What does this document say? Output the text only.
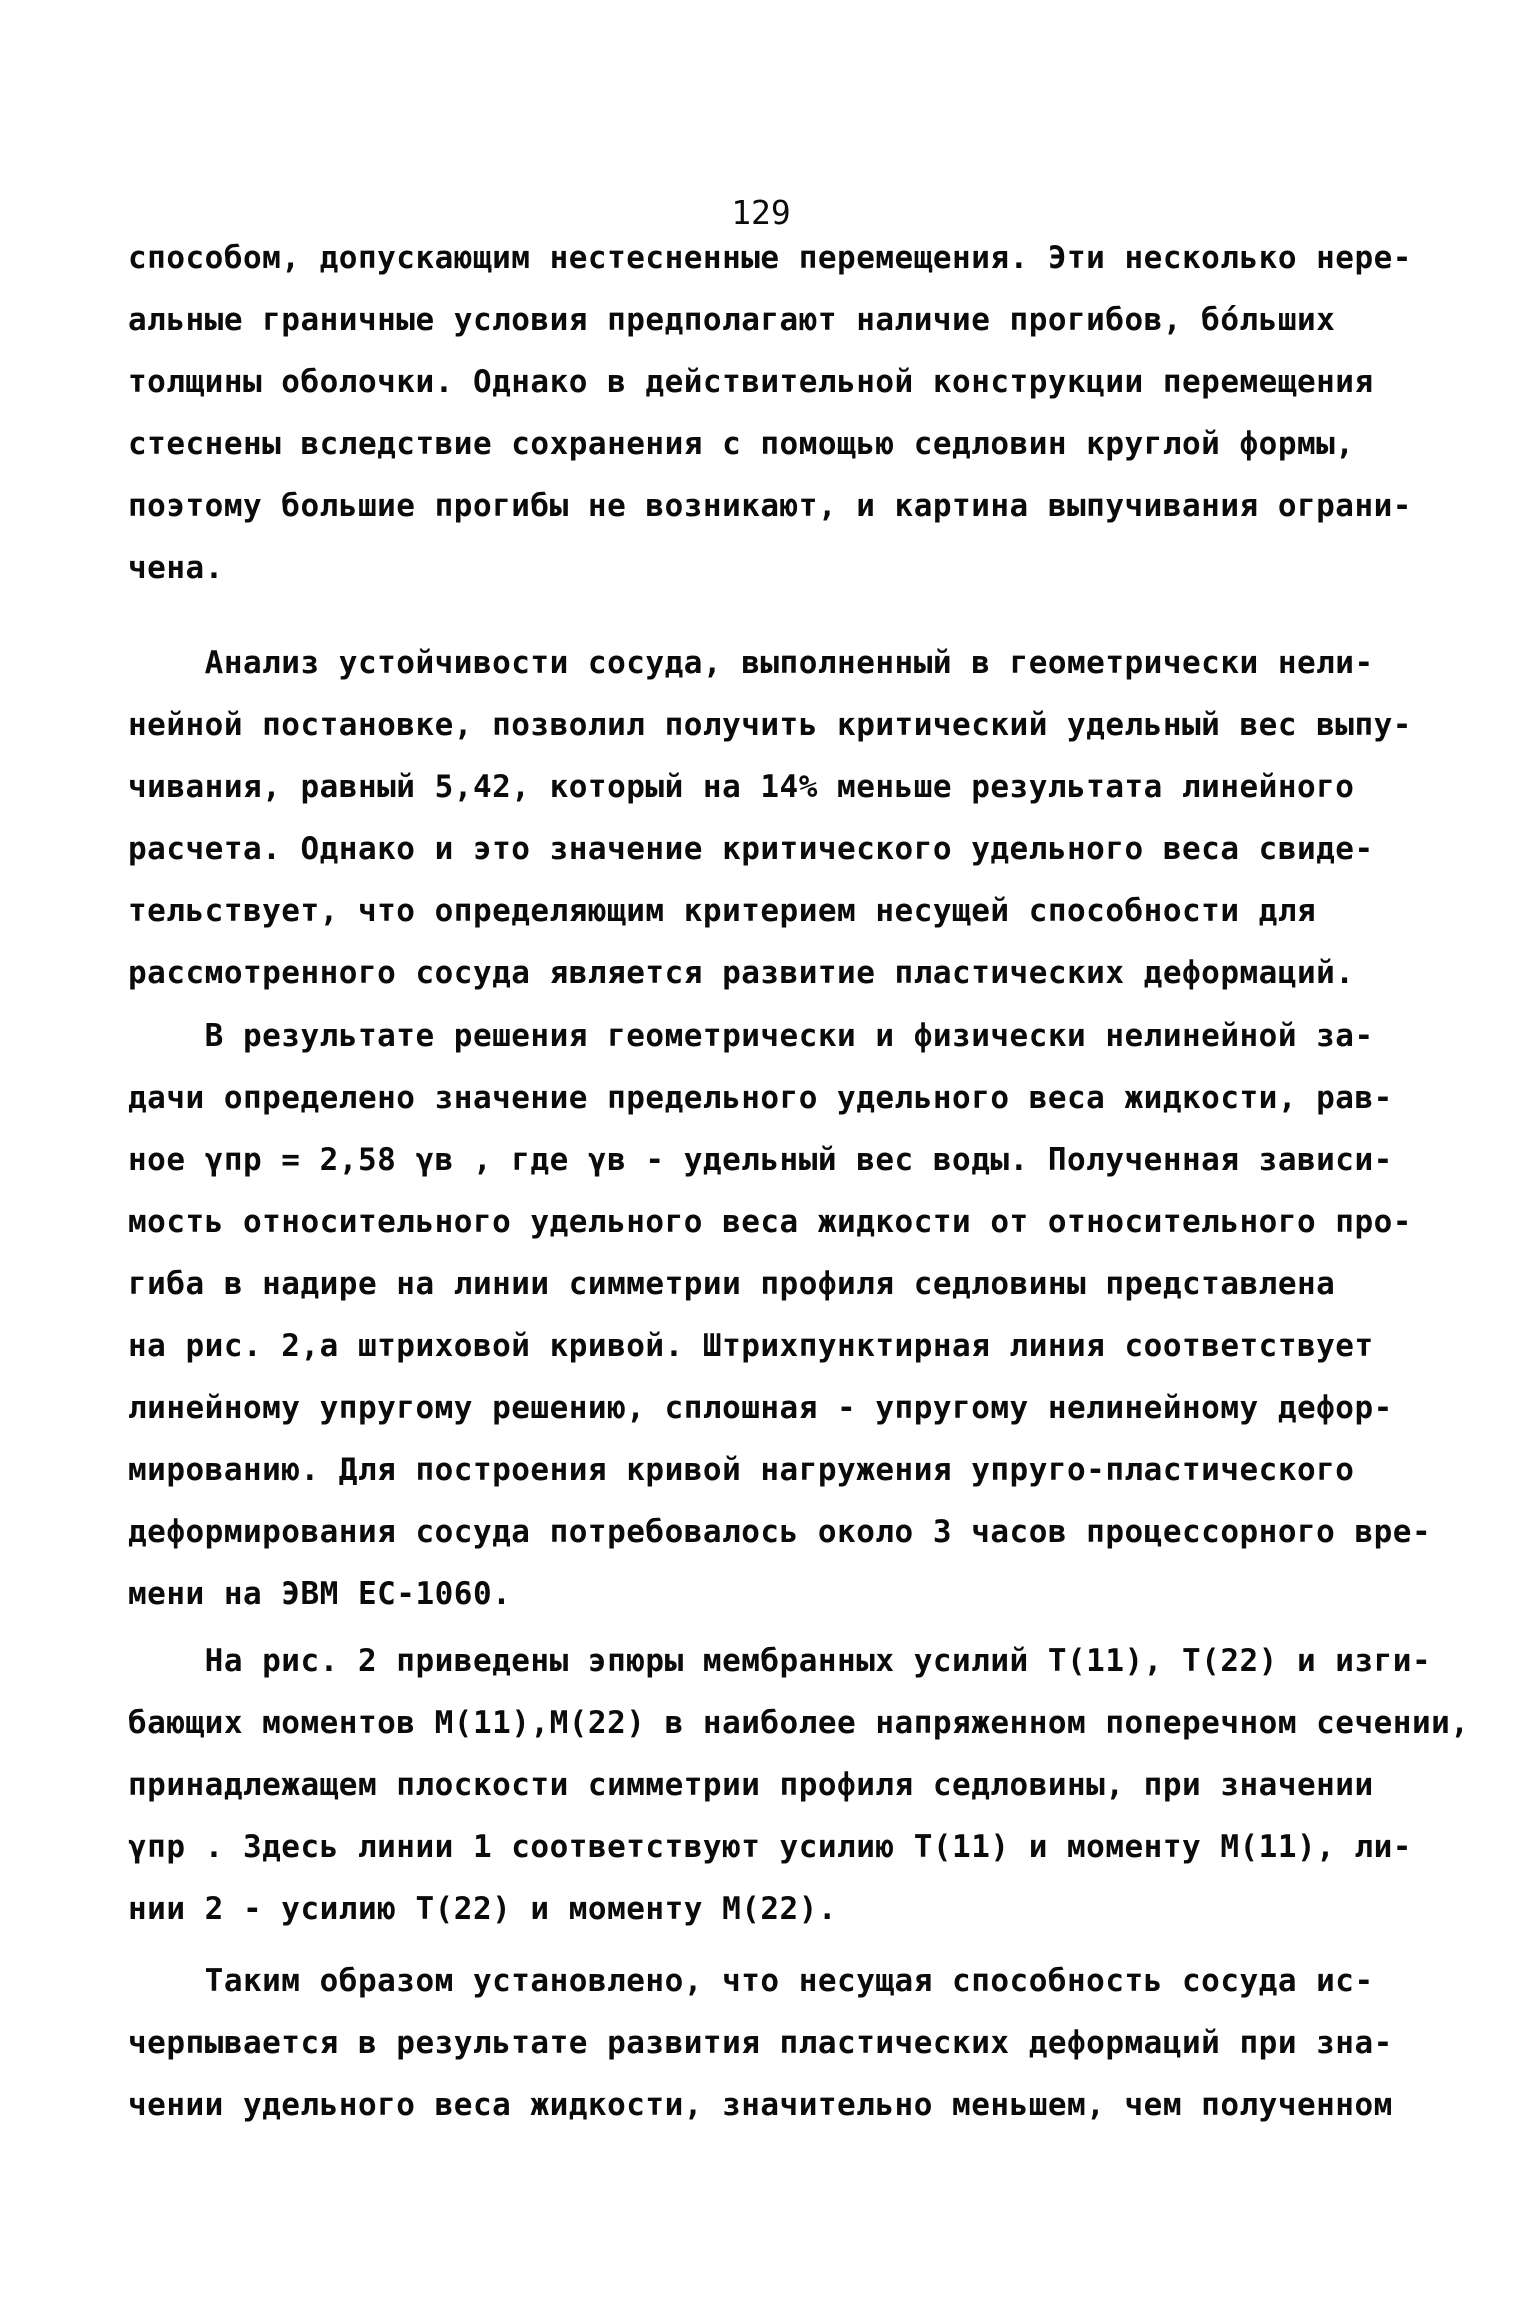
129
способом, допускающим нестесненные перемещения. Эти несколько нере-
альные граничные условия предполагают наличие прогибов, бóльших
толщины оболочки. Однако в действительной конструкции перемещения
стеснены вследствие сохранения с помощью седловин круглой формы,
поэтому большие прогибы не возникают, и картина выпучивания ограни-
чена.
Анализ устойчивости сосуда, выполненный в геометрически нели-
нейной постановке, позволил получить критический удельный вес выпу-
чивания, равный 5,42, который на 14% меньше результата линейного
расчета. Однако и это значение критического удельного веса свиде-
тельствует, что определяющим критерием несущей способности для
рассмотренного сосуда является развитие пластических деформаций.
В результате решения геометрически и физически нелинейной за-
дачи определено значение предельного удельного веса жидкости, рав-
ное γпр = 2,58 γв , где γв - удельный вес воды. Полученная зависи-
мость относительного удельного веса жидкости от относительного про-
гиба в надире на линии симметрии профиля седловины представлена
на рис. 2,а штриховой кривой. Штрихпунктирная линия соответствует
линейному упругому решению, сплошная - упругому нелинейному дефор-
мированию. Для построения кривой нагружения упруго-пластического
деформирования сосуда потребовалось около 3 часов процессорного вре-
мени на ЭВМ ЕС-1060.
На рис. 2 приведены эпюры мембранных усилий T(11), T(22) и изги-
бающих моментов M(11),M(22) в наиболее напряженном поперечном сечении,
принадлежащем плоскости симметрии профиля седловины, при значении
γпр . Здесь линии 1 соответствуют усилию T(11) и моменту M(11), ли-
нии 2 - усилию T(22) и моменту M(22).
Таким образом установлено, что несущая способность сосуда ис-
черпывается в результате развития пластических деформаций при зна-
чении удельного веса жидкости, значительно меньшем, чем полученном
